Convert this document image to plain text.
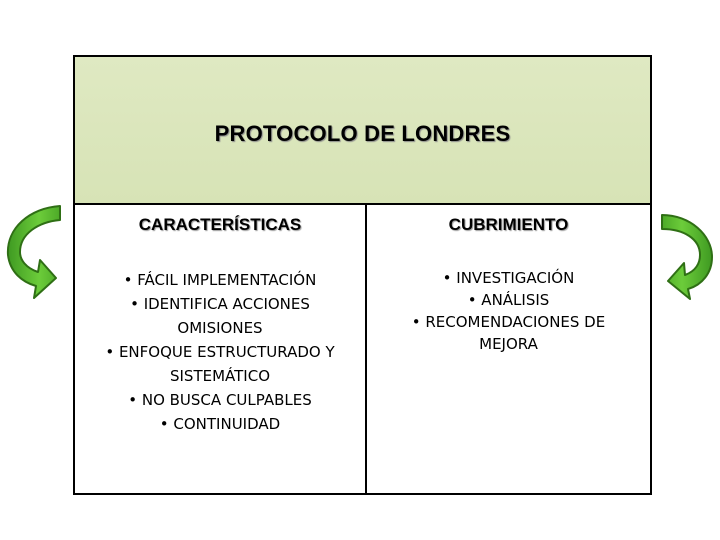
PROTOCOLO DE LONDRES
CARACTERÍSTICAS
• FÁCIL IMPLEMENTACIÓN
• IDENTIFICA ACCIONES
OMISIONES
• ENFOQUE ESTRUCTURADO Y
SISTEMÁTICO
• NO BUSCA CULPABLES
• CONTINUIDAD
CUBRIMIENTO
• INVESTIGACIÓN
• ANÁLISIS
• RECOMENDACIONES DE
MEJORA
